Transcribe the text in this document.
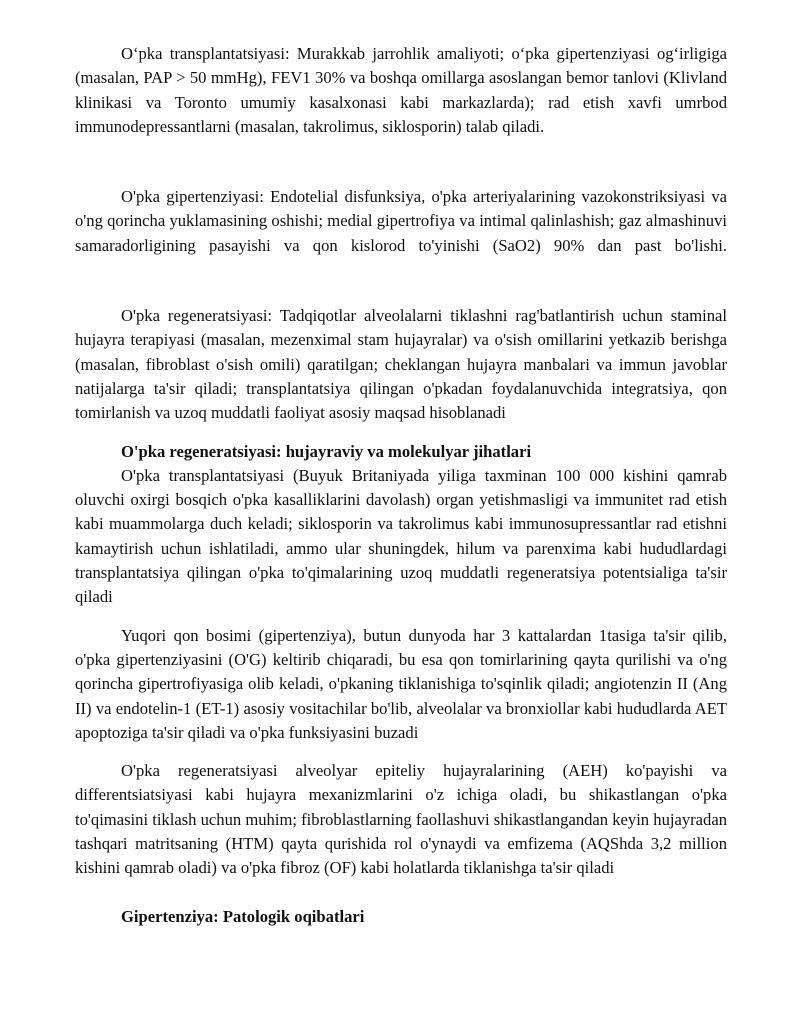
O‘pka transplantatsiyasi: Murakkab jarrohlik amaliyoti; o‘pka gipertenziyasi og‘irligiga (masalan, PAP > 50 mmHg), FEV1 30% va boshqa omillarga asoslangan bemor tanlovi (Klivland klinikasi va Toronto umumiy kasalxonasi kabi markazlarda); rad etish xavfi umrbod immunodepressantlarni (masalan, takrolimus, siklosporin) talab qiladi.

O'pka gipertenziyasi: Endotelial disfunksiya, o'pka arteriyalarining vazokonstriksiyasi va o'ng qorincha yuklamasining oshishi; medial gipertrofiya va intimal qalinlashish; gaz almashinuvi samaradorligining pasayishi va qon kislorod to'yinishi (SaO2) 90% dan past bo'lishi.

O'pka regeneratsiyasi: Tadqiqotlar alveolalarni tiklashni rag'batlantirish uchun staminal hujayra terapiyasi (masalan, mezenximal stam hujayralar) va o'sish omillarini yetkazib berishga (masalan, fibroblast o'sish omili) qaratilgan; cheklangan hujayra manbalari va immun javoblar natijalarga ta'sir qiladi; transplantatsiya qilingan o'pkadan foydalanuvchida integratsiya, qon tomirlanish va uzoq muddatli faoliyat asosiy maqsad hisoblanadi

O'pka regeneratsiyasi: hujayraviy va molekulyar jihatlari

O'pka transplantatsiyasi (Buyuk Britaniyada yiliga taxminan 100 000 kishini qamrab oluvchi oxirgi bosqich o'pka kasalliklarini davolash) organ yetishmasligi va immunitet rad etish kabi muammolarga duch keladi; siklosporin va takrolimus kabi immunosupressantlar rad etishni kamaytirish uchun ishlatiladi, ammo ular shuningdek, hilum va parenxima kabi hududlardagi transplantatsiya qilingan o'pka to'qimalarining uzoq muddatli regeneratsiya potentsialiga ta'sir qiladi

Yuqori qon bosimi (gipertenziya), butun dunyoda har 3 kattalardan 1tasiga ta'sir qilib, o'pka gipertenziyasini (O'G) keltirib chiqaradi, bu esa qon tomirlarining qayta qurilishi va o'ng qorincha gipertrofiyasiga olib keladi, o'pkaning tiklanishiga to'sqinlik qiladi; angiotenzin II (Ang II) va endotelin-1 (ET-1) asosiy vositachilar bo'lib, alveolalar va bronxiollar kabi hududlarda AET apoptoziga ta'sir qiladi va o'pka funksiyasini buzadi

O'pka regeneratsiyasi alveolyar epiteliy hujayralarining (AEH) ko'payishi va differentsiatsiyasi kabi hujayra mexanizmlarini o'z ichiga oladi, bu shikastlangan o'pka to'qimasini tiklash uchun muhim; fibroblastlarning faollashuvi shikastlangandan keyin hujayradan tashqari matritsaning (HTM) qayta qurishida rol o'ynaydi va emfizema (AQShda 3,2 million kishini qamrab oladi) va o'pka fibroz (OF) kabi holatlarda tiklanishga ta'sir qiladi

Gipertenziya: Patologik oqibatlari
